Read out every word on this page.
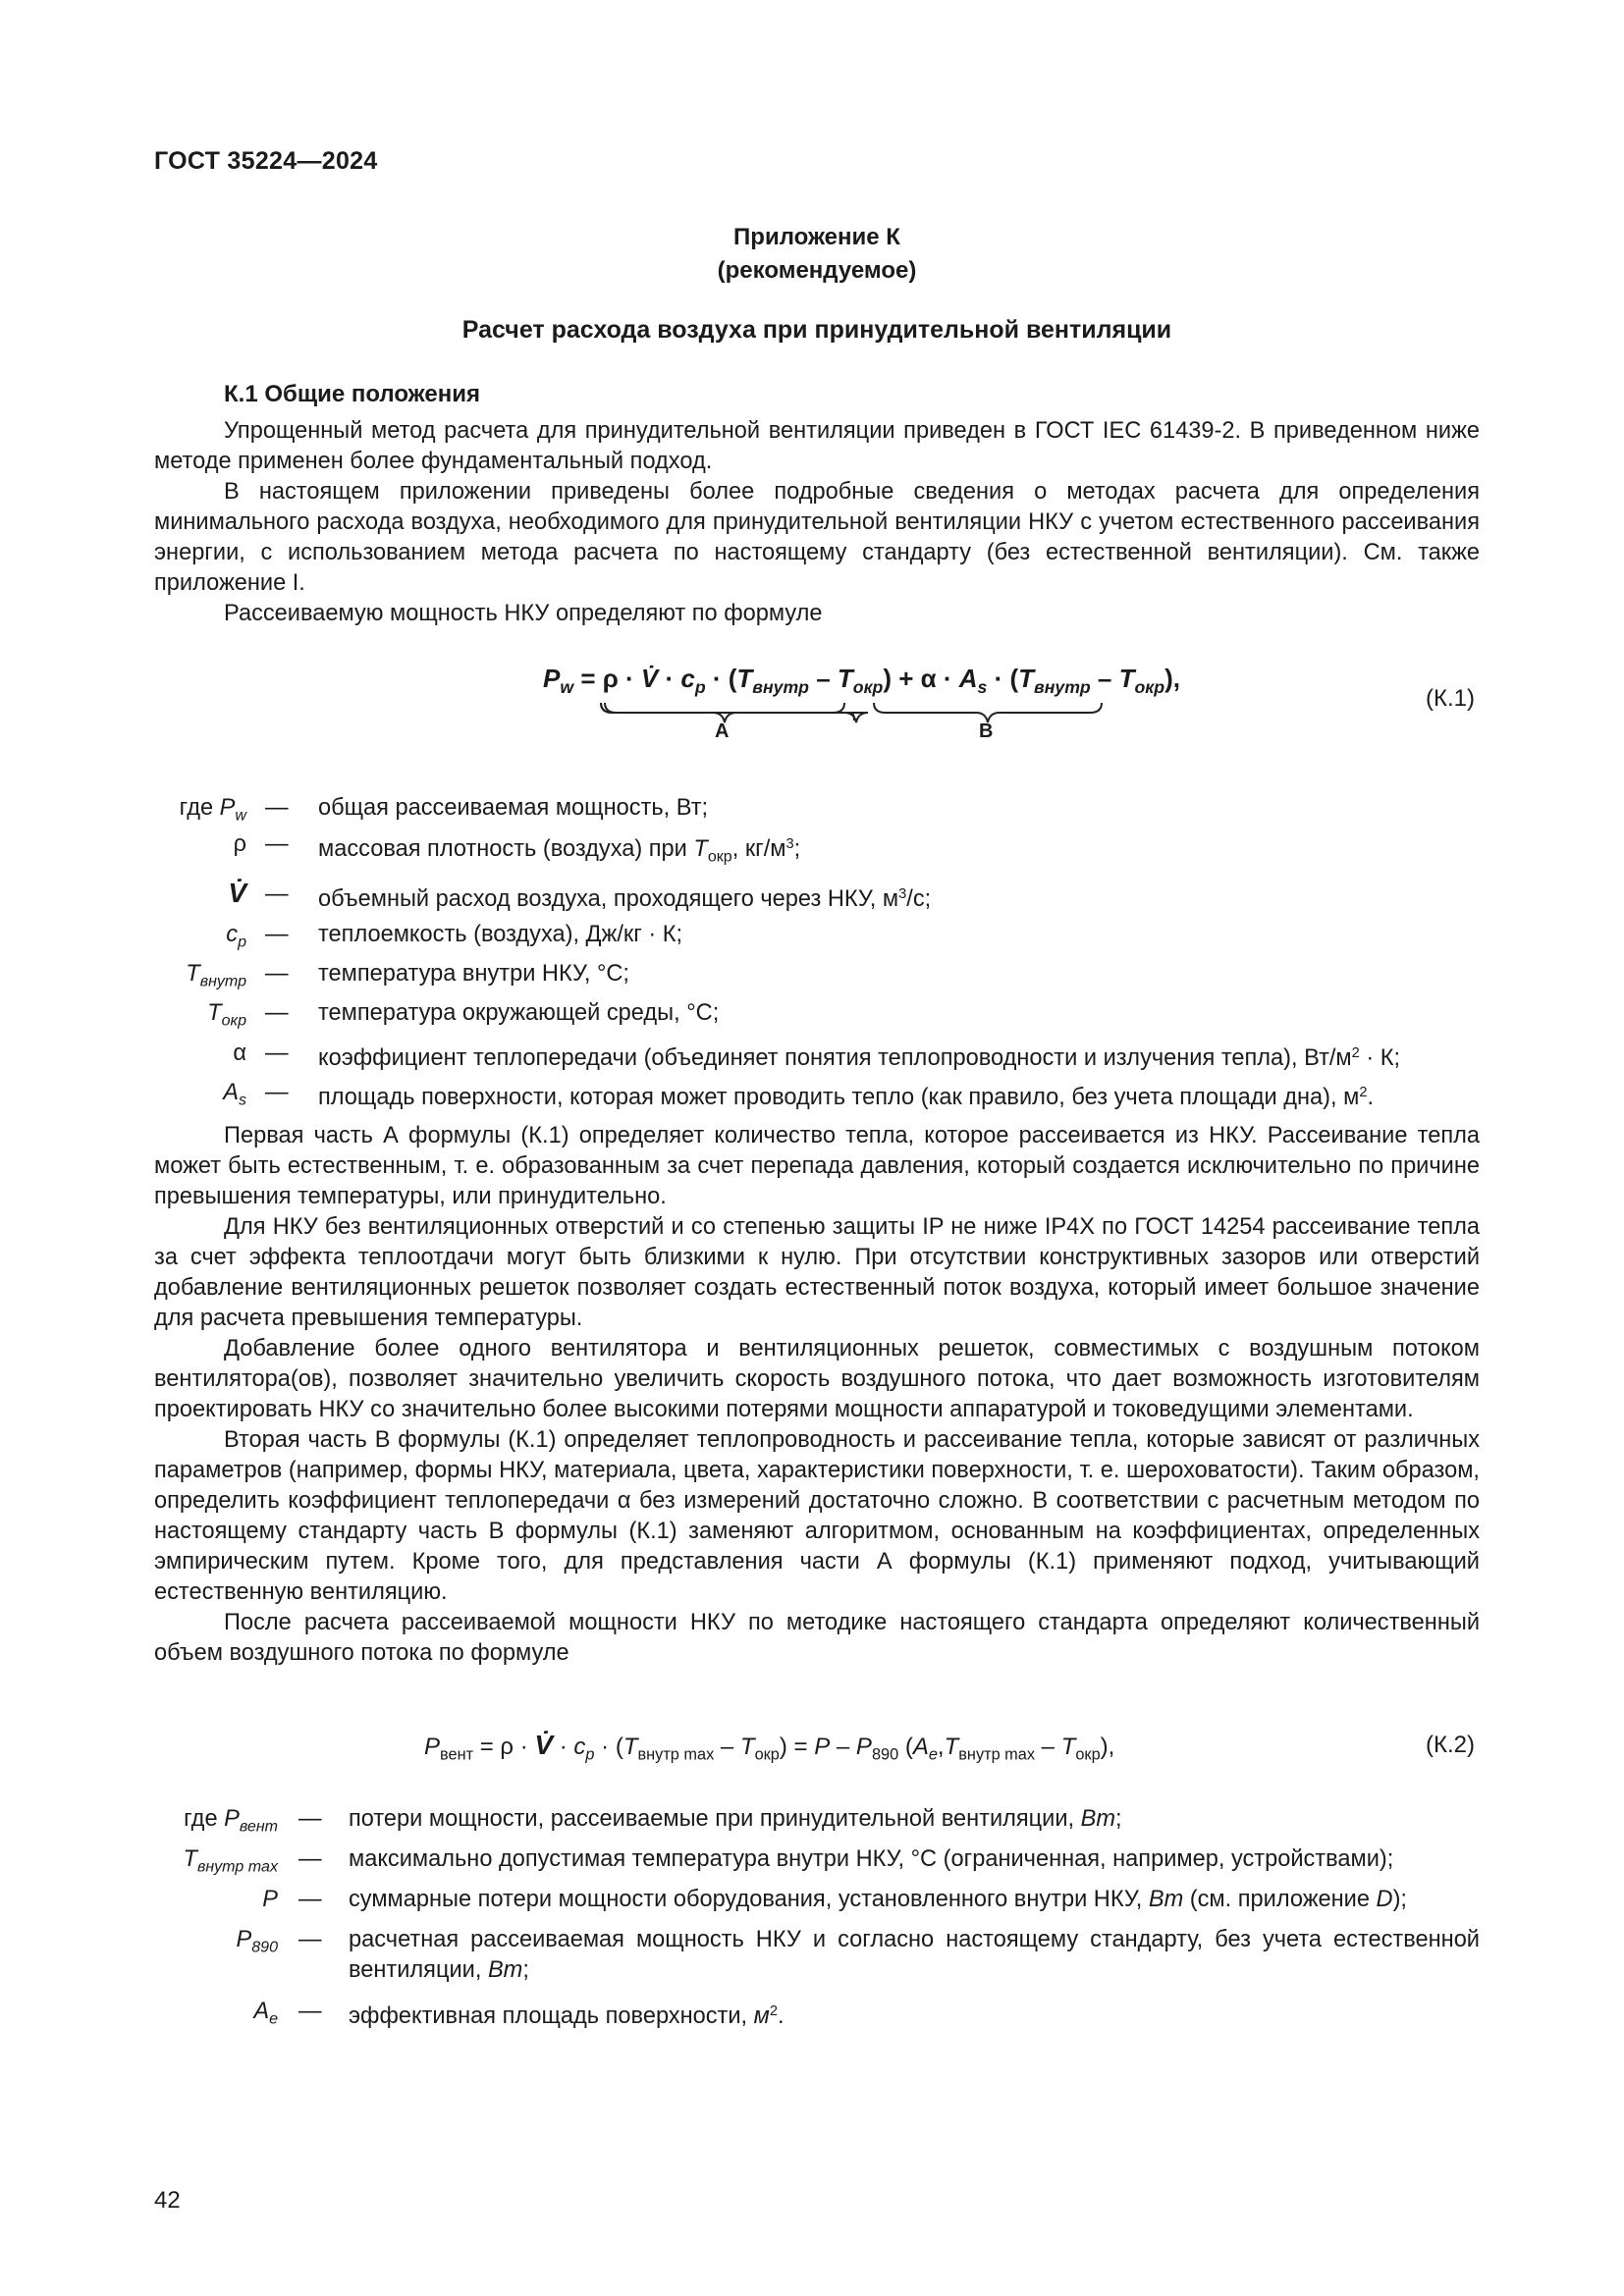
ГОСТ 35224—2024
Приложение К
(рекомендуемое)
Расчет расхода воздуха при принудительной вентиляции
К.1 Общие положения

Упрощенный метод расчета для принудительной вентиляции приведен в ГОСТ IEC 61439-2. В приведенном ниже методе применен более фундаментальный подход.

В настоящем приложении приведены более подробные сведения о методах расчета для определения минимального расхода воздуха, необходимого для принудительной вентиляции НКУ с учетом естественного рассеивания энергии, с использованием метода расчета по настоящему стандарту (без естественной вентиляции). См. также приложение I.

Рассеиваемую мощность НКУ определяют по формуле

$P_w = \rho$ · V̇ · $c_p \cdot (T_{внутр} - T_{окр}) + \alpha \cdot A_s \cdot (T_{внутр} - T_{окр})$,
A	B
(К.1)
где $P_w$ — общая рассеиваемая мощность, Вт;
ρ — массовая плотность (воздуха) при $T_{окр}$, $кг/м^3$;
V̇ — объемный расход воздуха, проходящего через НКУ, $м^3/с$;
$c_p$ — теплоемкость (воздуха), Дж/кг · К;
$T_{внутр}$ — температура внутри НКУ, °С;
$T_{окр}$ — температура окружающей среды, °С;
α — коэффициент теплопередачи (объединяет понятия теплопроводности и излучения тепла), $Вт/м^2 \cdot К$;
$A_s$ — площадь поверхности, которая может проводить тепло (как правило, без учета площади дна), $м^2$.

Первая часть А формулы (К.1) определяет количество тепла, которое рассеивается из НКУ. Рассеивание тепла может быть естественным, т. е. образованным за счет перепада давления, который создается исключительно по причине превышения температуры, или принудительно.

Для НКУ без вентиляционных отверстий и со степенью защиты IP не ниже IP4X по ГОСТ 14254 рассеивание тепла за счет эффекта теплоотдачи могут быть близкими к нулю. При отсутствии конструктивных зазоров или отверстий добавление вентиляционных решеток позволяет создать естественный поток воздуха, который имеет большое значение для расчета превышения температуры.

Добавление более одного вентилятора и вентиляционных решеток, совместимых с воздушным потоком вентилятора(ов), позволяет значительно увеличить скорость воздушного потока, что дает возможность изготовителям проектировать НКУ со значительно более высокими потерями мощности аппаратурой и токоведущими элементами.

Вторая часть В формулы (К.1) определяет теплопроводность и рассеивание тепла, которые зависят от различных параметров (например, формы НКУ, материала, цвета, характеристики поверхности, т. е. шероховатости). Таким образом, определить коэффициент теплопередачи α без измерений достаточно сложно. В соответствии с расчетным методом по настоящему стандарту часть В формулы (К.1) заменяют алгоритмом, основанным на коэффициентах, определенных эмпирическим путем. Кроме того, для представления части А формулы (К.1) применяют подход, учитывающий естественную вентиляцию.

После расчета рассеиваемой мощности НКУ по методике настоящего стандарта определяют количественный объем воздушного потока по формуле

$P_{вент} = \rho$ · V̇ · $c_p \cdot (T_{внутр max} - T_{окр}) = P - P_{890}$ $(A_e,T_{внутр max} - T_{окр})$,	(К.2)
где $P_{вент}$ — потери мощности, рассеиваемые при принудительной вентиляции, Вт;
$T_{внутр max}$ — максимально допустимая температура внутри НКУ, °С (ограниченная, например, устройствами);
P — суммарные потери мощности оборудования, установленного внутри НКУ, Вт (см. приложение D);
$P_{890}$ — расчетная рассеиваемая мощность НКУ и согласно настоящему стандарту, без учета естественной вентиляции, Вт;
$A_e$ — эффективная площадь поверхности, $м^2$.
42
